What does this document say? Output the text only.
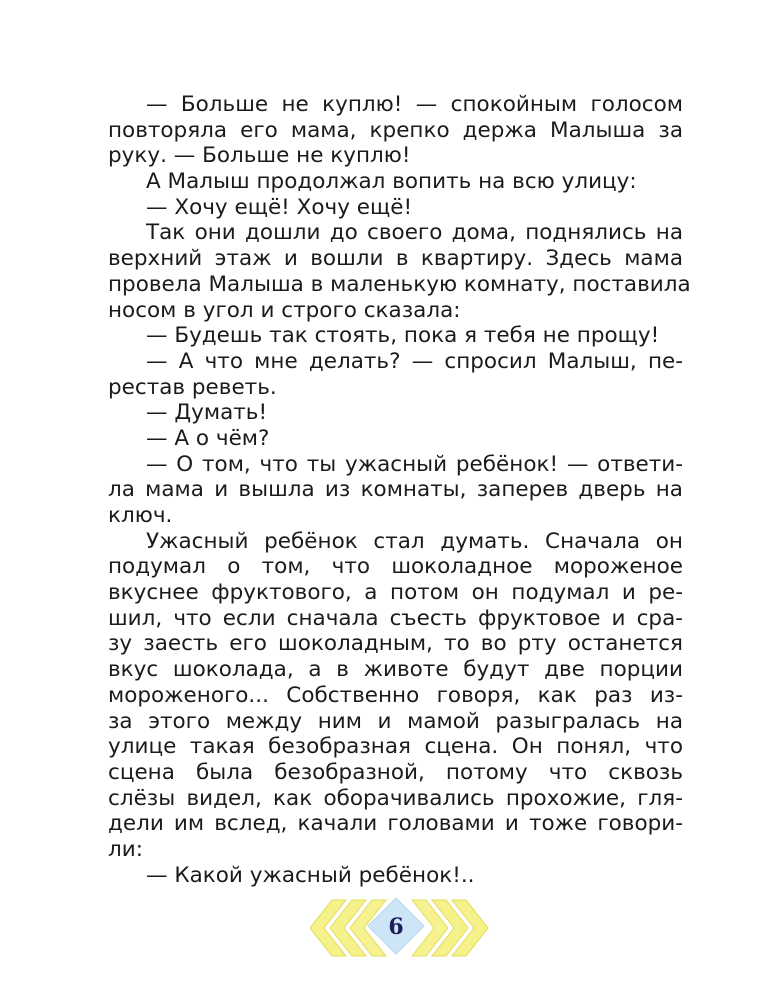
— Больше не куплю! — спокойным голосом
повторяла его мама, крепко держа Малыша за
руку. — Больше не куплю!
А Малыш продолжал вопить на всю улицу:
— Хочу ещё! Хочу ещё!
Так они дошли до своего дома, поднялись на
верхний этаж и вошли в квартиру. Здесь мама
провела Малыша в маленькую комнату, поставила
носом в угол и строго сказала:
— Будешь так стоять, пока я тебя не прощу!
— А что мне делать? — спросил Малыш, пе-
рестав реветь.
— Думать!
— А о чём?
— О том, что ты ужасный ребёнок! — ответи-
ла мама и вышла из комнаты, заперев дверь на
ключ.
Ужасный ребёнок стал думать. Сначала он
подумал о том, что шоколадное мороженое
вкуснее фруктового, а потом он подумал и ре-
шил, что если сначала съесть фруктовое и сра-
зу заесть его шоколадным, то во рту останется
вкус шоколада, а в животе будут две порции
мороженого... Собственно говоря, как раз из-
за этого между ним и мамой разыгралась на
улице такая безобразная сцена. Он понял, что
сцена была безобразной, потому что сквозь
слёзы видел, как оборачивались прохожие, гля-
дели им вслед, качали головами и тоже говори-
ли:
— Какой ужасный ребёнок!..
6
